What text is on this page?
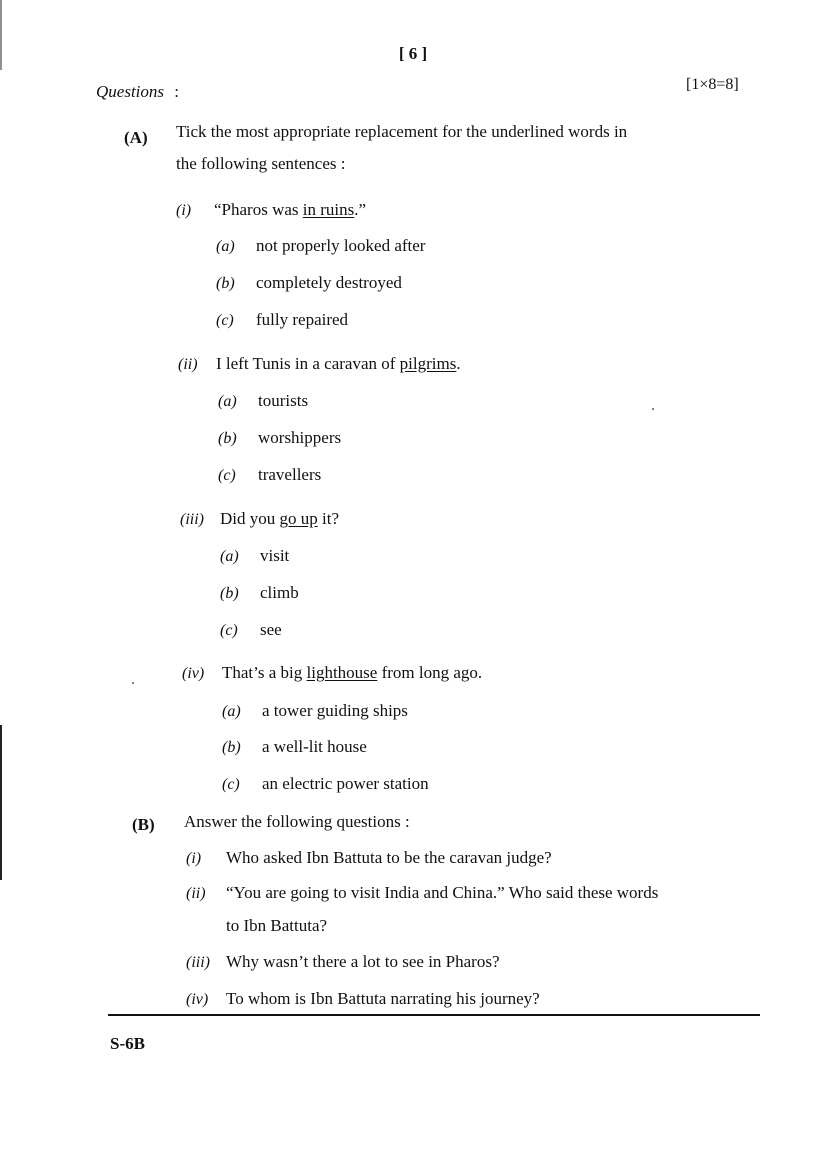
[ 6 ]
Questions :	[1×8=8]
(A) Tick the most appropriate replacement for the underlined words in
the following sentences :
(i) “Pharos was in ruins.”
(a) not properly looked after
(b) completely destroyed
(c) fully repaired
(ii) I left Tunis in a caravan of pilgrims.
(a) tourists
(b) worshippers
(c) travellers
(iii) Did you go up it?
(a) visit
(b) climb
(c) see
(iv) That’s a big lighthouse from long ago.
(a) a tower guiding ships
(b) a well-lit house
(c) an electric power station
(B) Answer the following questions :
(i) Who asked Ibn Battuta to be the caravan judge?
(ii) “You are going to visit India and China.” Who said these words
to Ibn Battuta?
(iii) Why wasn’t there a lot to see in Pharos?
(iv) To whom is Ibn Battuta narrating his journey?
S-6B
